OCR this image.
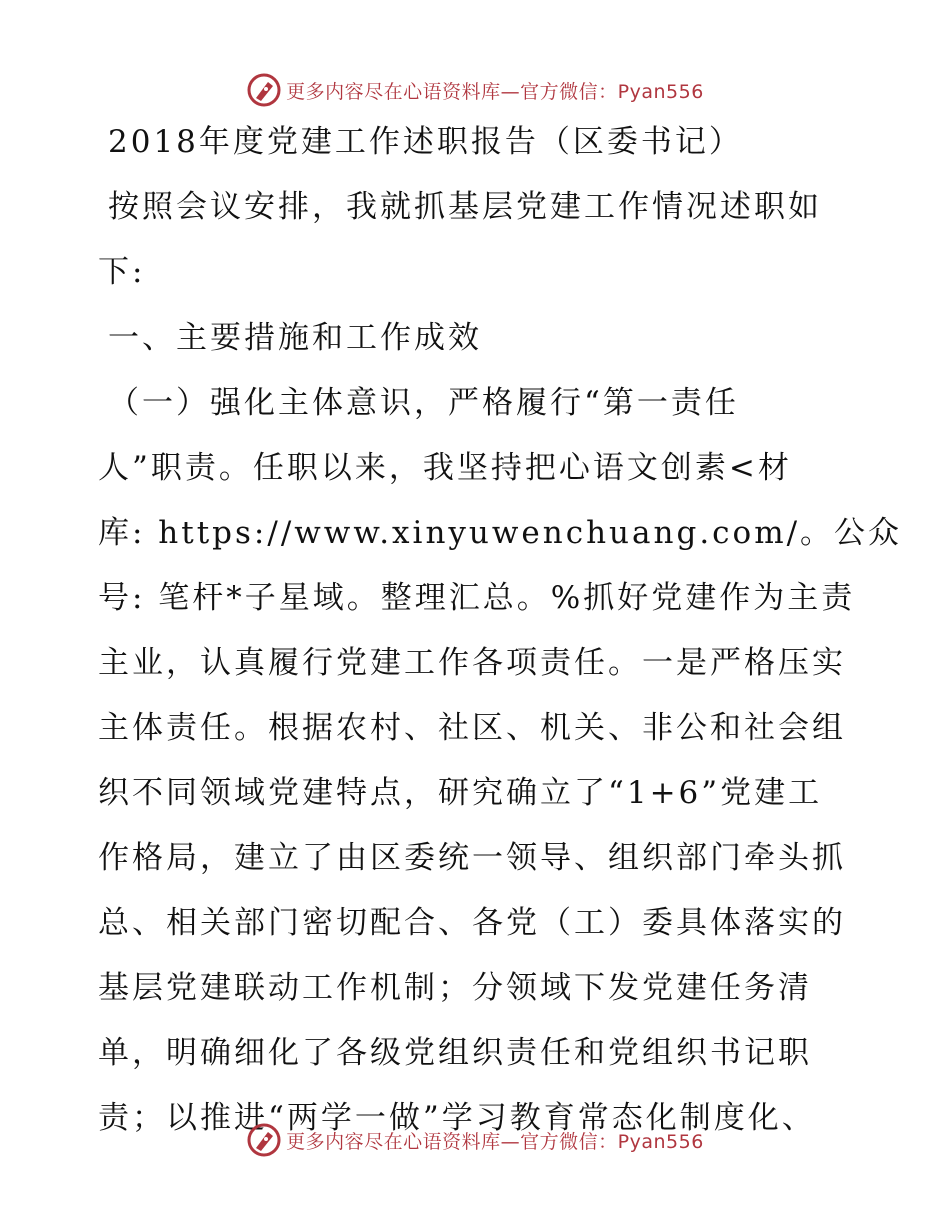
更多内容尽在心语资料库—官方微信：Pyan556

2018年度党建工作述职报告（区委书记）

按照会议安排，我就抓基层党建工作情况述职如

下:

一、主要措施和工作成效

（一）强化主体意识，严格履行“第一责任

人”职责。任职以来，我坚持把心语文创素<材

库: https://www.xinyuwenchuang.com/。公众

号: 笔杆*子星域。整理汇总。%抓好党建作为主责

主业，认真履行党建工作各项责任。一是严格压实

主体责任。根据农村、社区、机关、非公和社会组

织不同领域党建特点，研究确立了“1+6”党建工

作格局，建立了由区委统一领导、组织部门牵头抓

总、相关部门密切配合、各党（工）委具体落实的

基层党建联动工作机制；分领域下发党建任务清

单，明确细化了各级党组织责任和党组织书记职

责；以推进“两学一做”学习教育常态化制度化、

更多内容尽在心语资料库—官方微信：Pyan556
